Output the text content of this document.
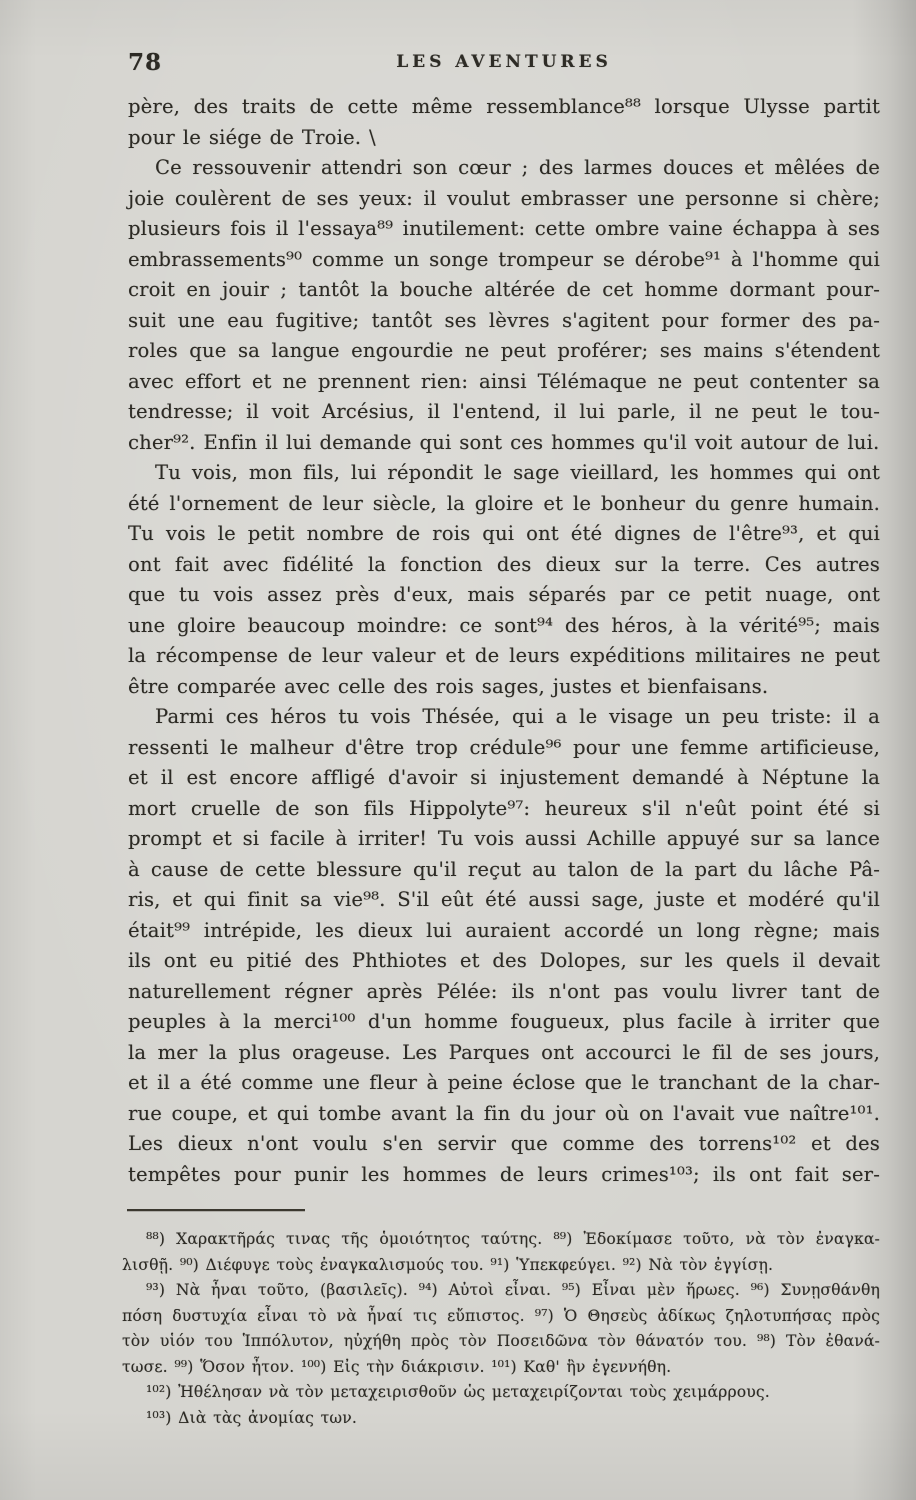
78	LES AVENTURES
père, des traits de cette même ressemblance⁸⁸ lorsque Ulysse partit
pour le siége de Troie. \
Ce ressouvenir attendri son cœur ; des larmes douces et mêlées de
joie coulèrent de ses yeux: il voulut embrasser une personne si chère;
plusieurs fois il l'essaya⁸⁹ inutilement: cette ombre vaine échappa à ses
embrassements⁹⁰ comme un songe trompeur se dérobe⁹¹ à l'homme qui
croit en jouir ; tantôt la bouche altérée de cet homme dormant pour-
suit une eau fugitive; tantôt ses lèvres s'agitent pour former des pa-
roles que sa langue engourdie ne peut proférer; ses mains s'étendent
avec effort et ne prennent rien: ainsi Télémaque ne peut contenter sa
tendresse; il voit Arcésius, il l'entend, il lui parle, il ne peut le tou-
cher⁹². Enfin il lui demande qui sont ces hommes qu'il voit autour de lui.
Tu vois, mon fils, lui répondit le sage vieillard, les hommes qui ont
été l'ornement de leur siècle, la gloire et le bonheur du genre humain.
Tu vois le petit nombre de rois qui ont été dignes de l'être⁹³, et qui
ont fait avec fidélité la fonction des dieux sur la terre. Ces autres
que tu vois assez près d'eux, mais séparés par ce petit nuage, ont
une gloire beaucoup moindre: ce sont⁹⁴ des héros, à la vérité⁹⁵; mais
la récompense de leur valeur et de leurs expéditions militaires ne peut
être comparée avec celle des rois sages, justes et bienfaisans.
Parmi ces héros tu vois Thésée, qui a le visage un peu triste: il a
ressenti le malheur d'être trop crédule⁹⁶ pour une femme artificieuse,
et il est encore affligé d'avoir si injustement demandé à Néptune la
mort cruelle de son fils Hippolyte⁹⁷: heureux s'il n'eût point été si
prompt et si facile à irriter! Tu vois aussi Achille appuyé sur sa lance
à cause de cette blessure qu'il reçut au talon de la part du lâche Pâ-
ris, et qui finit sa vie⁹⁸. S'il eût été aussi sage, juste et modéré qu'il
était⁹⁹ intrépide, les dieux lui auraient accordé un long règne; mais
ils ont eu pitié des Phthiotes et des Dolopes, sur les quels il devait
naturellement régner après Pélée: ils n'ont pas voulu livrer tant de
peuples à la merci¹⁰⁰ d'un homme fougueux, plus facile à irriter que
la mer la plus orageuse. Les Parques ont accourci le fil de ses jours,
et il a été comme une fleur à peine éclose que le tranchant de la char-
rue coupe, et qui tombe avant la fin du jour où on l'avait vue naître¹⁰¹.
Les dieux n'ont voulu s'en servir que comme des torrens¹⁰² et des
tempêtes pour punir les hommes de leurs crimes¹⁰³; ils ont fait ser-
⁸⁸) Χαρακτῆράς τινας τῆς ὁμοιότητος ταύτης. ⁸⁹) Ἐδοκίμασε τοῦτο, νὰ τὸν ἐναγκα-
λισθῇ. ⁹⁰) Διέφυγε τοὺς ἐναγκαλισμούς του. ⁹¹) Ὑπεκφεύγει. ⁹²) Νὰ τὸν ἐγγίσῃ.
⁹³) Νὰ ἦναι τοῦτο, (βασιλεῖς). ⁹⁴) Αὐτοὶ εἶναι. ⁹⁵) Εἶναι μὲν ἥρωες. ⁹⁶) Συνῃσθάνθη
πόση δυστυχία εἶναι τὸ νὰ ἦναί τις εὔπιστος. ⁹⁷) Ὁ Θησεὺς ἀδίκως ζηλοτυπήσας πρὸς
τὸν υἱόν του Ἱππόλυτον, ηὐχήθη πρὸς τὸν Ποσειδῶνα τὸν θάνατόν του. ⁹⁸) Τὸν ἐθανά-
τωσε. ⁹⁹) Ὅσον ἦτον. ¹⁰⁰) Εἰς τὴν διάκρισιν. ¹⁰¹) Καθ' ἣν ἐγεννήθη.
¹⁰²) Ἠθέλησαν νὰ τὸν μεταχειρισθοῦν ὡς μεταχειρίζονται τοὺς χειμάρρους.
¹⁰³) Διὰ τὰς ἀνομίας των.
